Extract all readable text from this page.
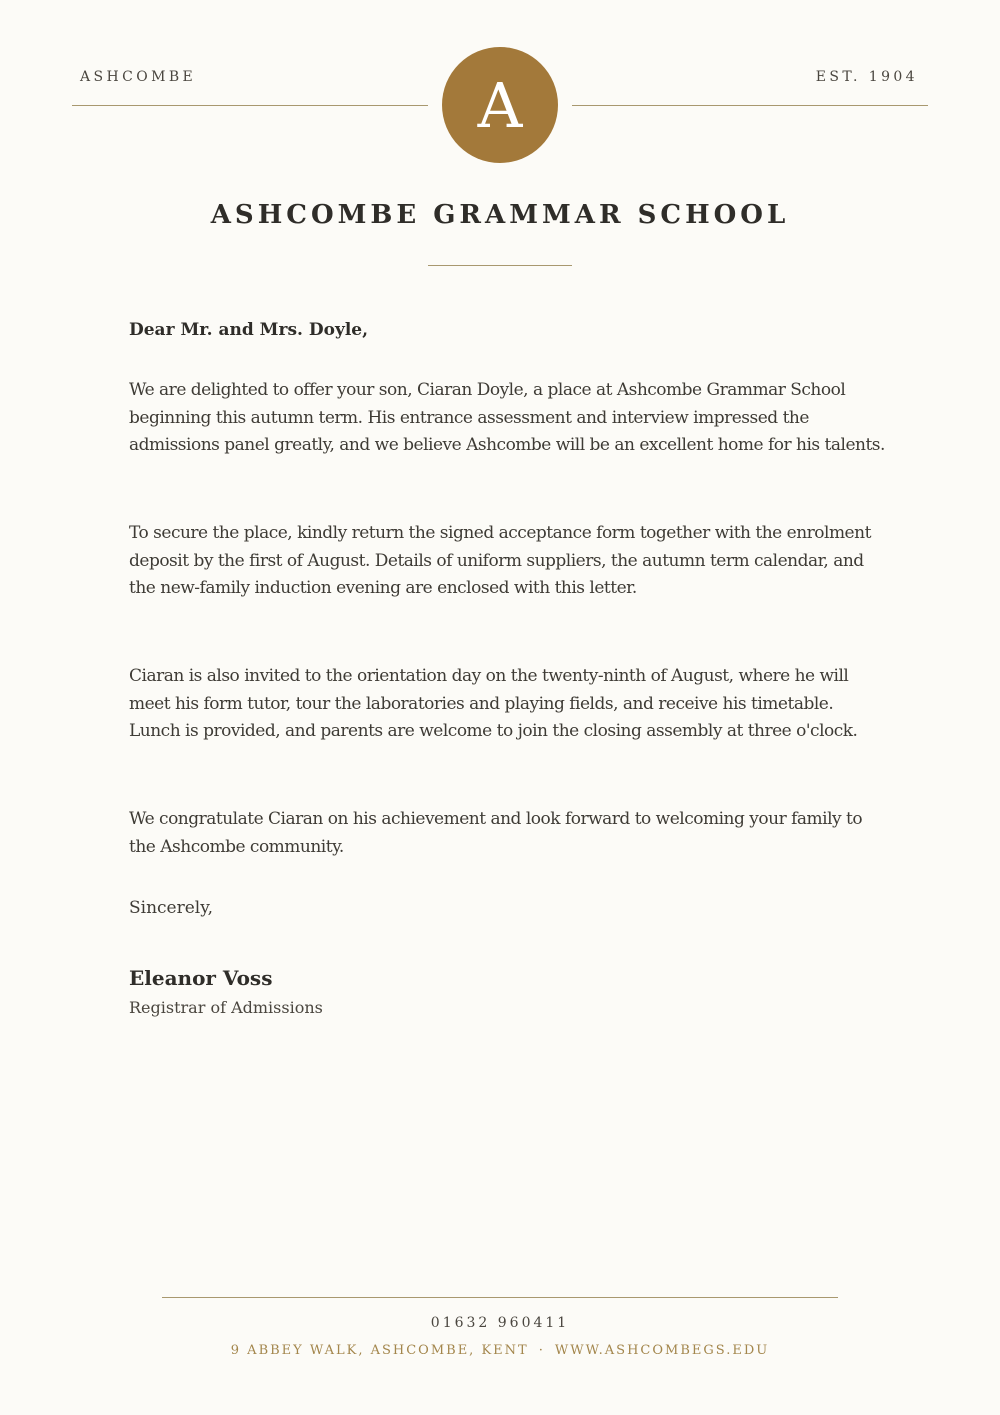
ASHCOMBE	A	EST. 1904
ASHCOMBE GRAMMAR SCHOOL

Dear Mr. and Mrs. Doyle,

We are delighted to offer your son, Ciaran Doyle, a place at Ashcombe Grammar School beginning this autumn term. His entrance assessment and interview impressed the admissions panel greatly, and we believe Ashcombe will be an excellent home for his talents.

To secure the place, kindly return the signed acceptance form together with the enrolment deposit by the first of August. Details of uniform suppliers, the autumn term calendar, and the new-family induction evening are enclosed with this letter.

Ciaran is also invited to the orientation day on the twenty-ninth of August, where he will meet his form tutor, tour the laboratories and playing fields, and receive his timetable. Lunch is provided, and parents are welcome to join the closing assembly at three o'clock.

We congratulate Ciaran on his achievement and look forward to welcoming your family to the Ashcombe community.

Sincerely,
Eleanor Voss
Registrar of Admissions
01632 960411
9 ABBEY WALK, ASHCOMBE, KENT · WWW.ASHCOMBEGS.EDU
